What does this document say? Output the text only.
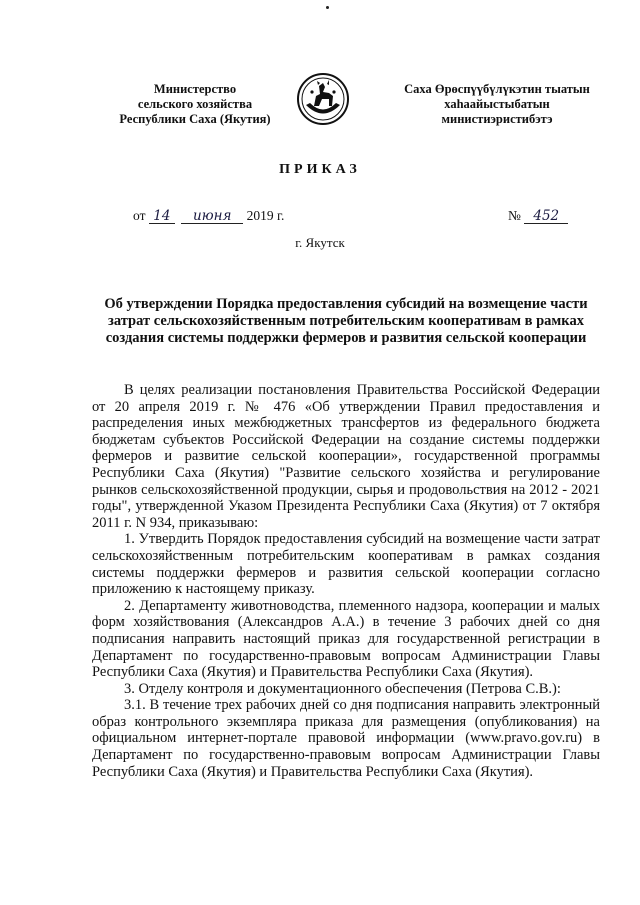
Министерство
сельского хозяйства
Республики Саха (Якутия)
Саха Өрөспүүбүлүкэтин тыатын
хаһаайыстыбатын
министиэристибэтэ
ПРИКАЗ
от 14 июня 2019 г.	№ 452
г. Якутск
Об утверждении Порядка предоставления субсидий на возмещение части затрат сельскохозяйственным потребительским кооперативам в рамках создания системы поддержки фермеров и развития сельской кооперации

В целях реализации постановления Правительства Российской Федерации от 20 апреля 2019 г. № 476 «Об утверждении Правил предоставления и распределения иных межбюджетных трансфертов из федерального бюджета бюджетам субъектов Российской Федерации на создание системы поддержки фермеров и развитие сельской кооперации», государственной программы Республики Саха (Якутия) "Развитие сельского хозяйства и регулирование рынков сельскохозяйственной продукции, сырья и продовольствия на 2012 - 2021 годы", утвержденной Указом Президента Республики Саха (Якутия) от 7 октября 2011 г. N 934, приказываю:

1. Утвердить Порядок предоставления субсидий на возмещение части затрат сельскохозяйственным потребительским кооперативам в рамках создания системы поддержки фермеров и развития сельской кооперации согласно приложению к настоящему приказу.

2. Департаменту животноводства, племенного надзора, кооперации и малых форм хозяйствования (Александров А.А.) в течение 3 рабочих дней со дня подписания направить настоящий приказ для государственной регистрации в Департамент по государственно-правовым вопросам Администрации Главы Республики Саха (Якутия) и Правительства Республики Саха (Якутия).

3. Отделу контроля и документационного обеспечения (Петрова С.В.):

3.1. В течение трех рабочих дней со дня подписания направить электронный образ контрольного экземпляра приказа для размещения (опубликования) на официальном интернет-портале правовой информации (www.pravo.gov.ru) в Департамент по государственно-правовым вопросам Администрации Главы Республики Саха (Якутия) и Правительства Республики Саха (Якутия).
